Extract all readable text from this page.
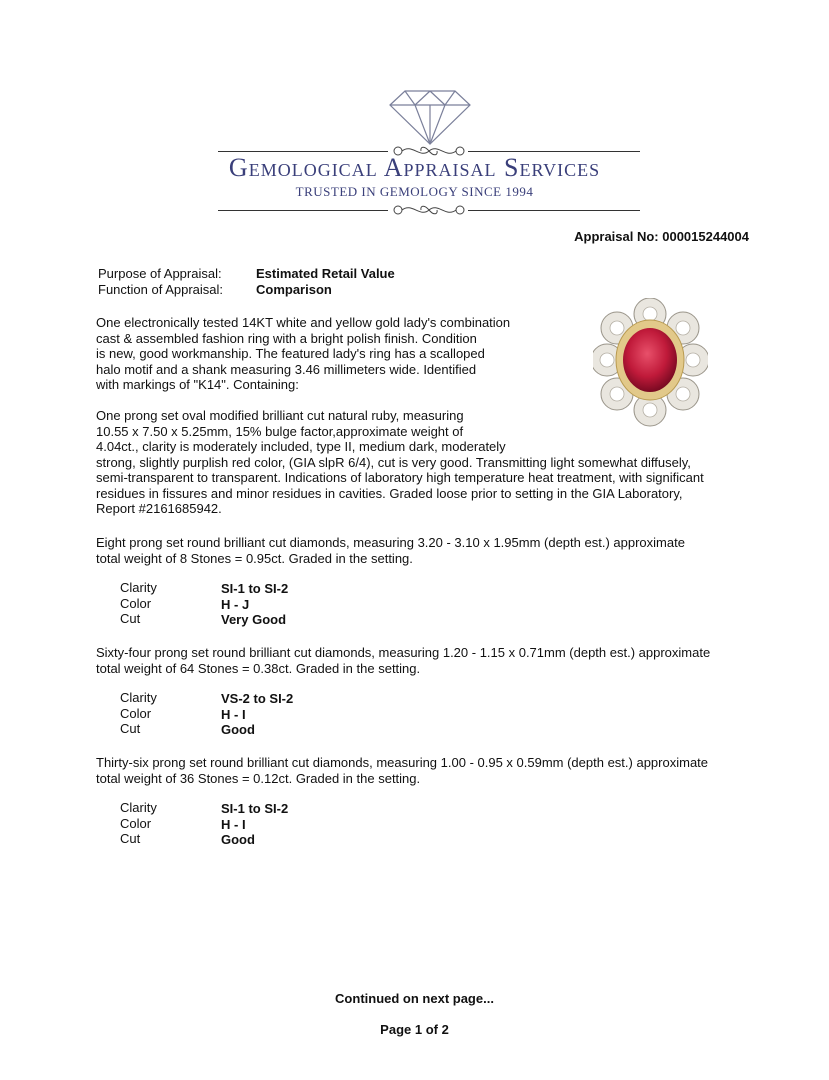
Gemological Appraisal Services
TRUSTED IN GEMOLOGY SINCE 1994
Appraisal No: 000015244004
Purpose of Appraisal:	Estimated Retail Value
Function of Appraisal:	Comparison
One electronically tested 14KT white and yellow gold lady's combination
cast & assembled fashion ring with a bright polish finish. Condition
is new, good workmanship. The featured lady's ring has a scalloped
halo motif and a shank measuring 3.46 millimeters wide. Identified
with markings of "K14". Containing:
One prong set oval modified brilliant cut natural ruby, measuring
10.55 x 7.50 x 5.25mm, 15% bulge factor,approximate weight of
4.04ct., clarity is moderately included, type II, medium dark, moderately
strong, slightly purplish red color, (GIA slpR 6/4), cut is very good. Transmitting light somewhat diffusely,
semi-transparent to transparent. Indications of laboratory high temperature heat treatment, with significant
residues in fissures and minor residues in cavities. Graded loose prior to setting in the GIA Laboratory,
Report #2161685942.
Eight prong set round brilliant cut diamonds, measuring 3.20 - 3.10 x 1.95mm (depth est.) approximate
total weight of 8 Stones = 0.95ct. Graded in the setting.
Clarity
Color
Cut
SI-1 to SI-2
H - J
Very Good
Sixty-four prong set round brilliant cut diamonds, measuring 1.20 - 1.15 x 0.71mm (depth est.) approximate
total weight of 64 Stones = 0.38ct. Graded in the setting.
Clarity
Color
Cut
VS-2 to SI-2
H - I
Good
Thirty-six prong set round brilliant cut diamonds, measuring 1.00 - 0.95 x 0.59mm (depth est.) approximate
total weight of 36 Stones = 0.12ct. Graded in the setting.
Clarity
Color
Cut
SI-1 to SI-2
H - I
Good
Continued on next page...
Page 1 of 2
